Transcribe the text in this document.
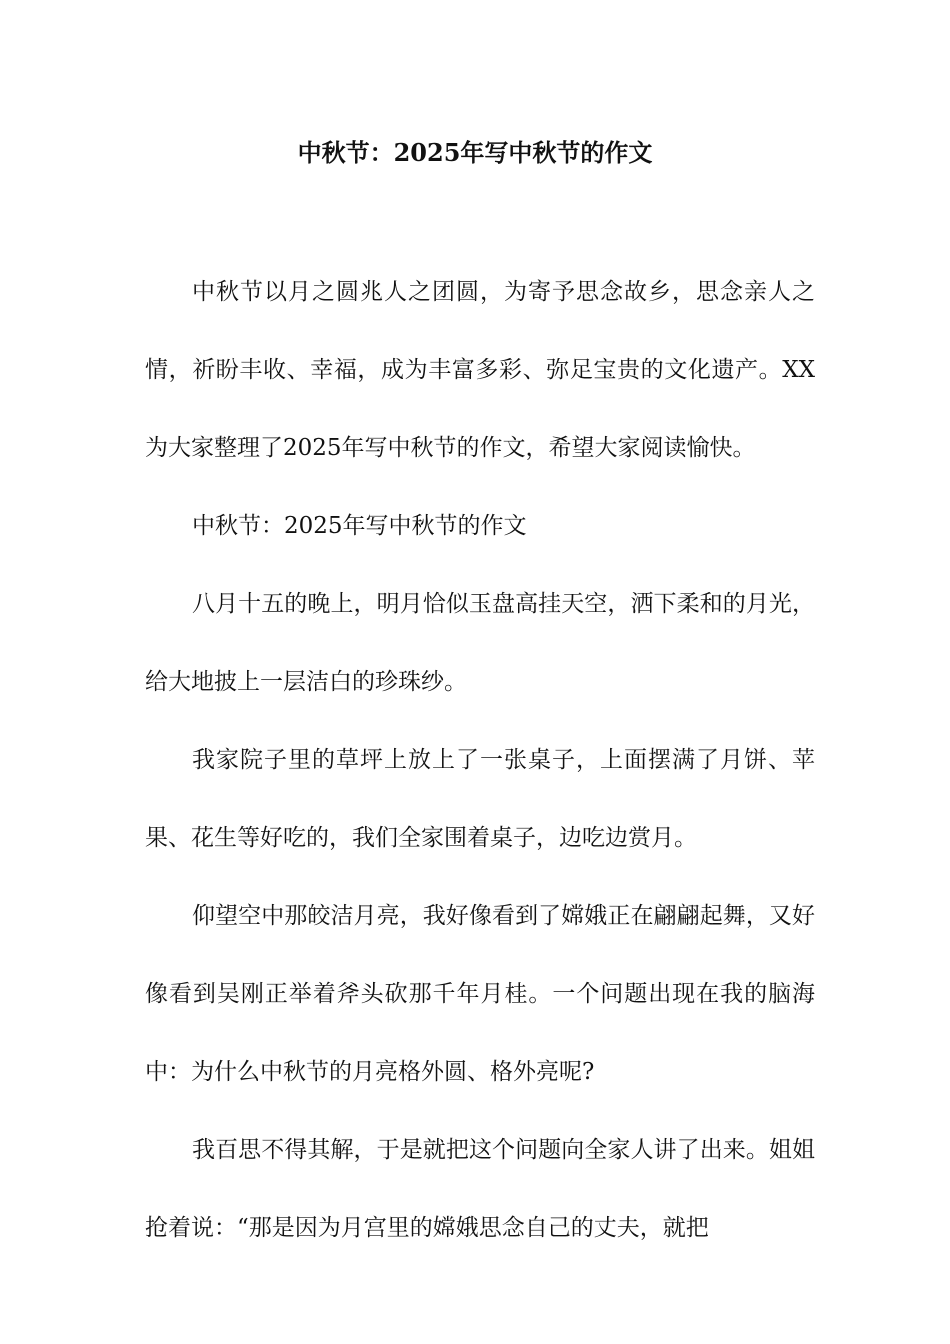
中秋节：2025年写中秋节的作文

中秋节以月之圆兆人之团圆，为寄予思念故乡，思念亲人之情，祈盼丰收、幸福，成为丰富多彩、弥足宝贵的文化遗产。XX为大家整理了2025年写中秋节的作文，希望大家阅读愉快。

中秋节：2025年写中秋节的作文

八月十五的晚上，明月恰似玉盘高挂天空，洒下柔和的月光，给大地披上一层洁白的珍珠纱。

我家院子里的草坪上放上了一张桌子，上面摆满了月饼、苹果、花生等好吃的，我们全家围着桌子，边吃边赏月。

仰望空中那皎洁月亮，我好像看到了嫦娥正在翩翩起舞，又好像看到吴刚正举着斧头砍那千年月桂。一个问题出现在我的脑海中：为什么中秋节的月亮格外圆、格外亮呢?

我百思不得其解，于是就把这个问题向全家人讲了出来。姐姐抢着说：“那是因为月宫里的嫦娥思念自己的丈夫，就把
